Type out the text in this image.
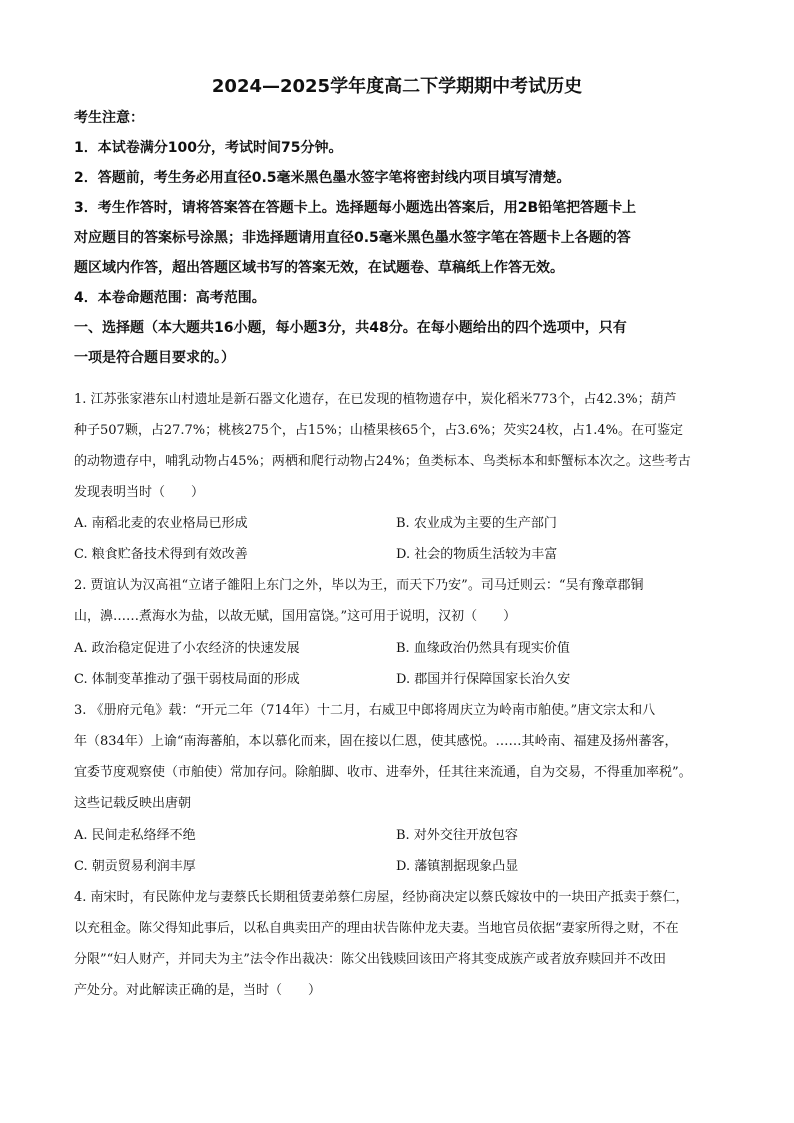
2024—2025学年度高二下学期期中考试历史

考生注意：

1．本试卷满分100分，考试时间75分钟。

2．答题前，考生务必用直径0.5毫米黑色墨水签字笔将密封线内项目填写清楚。

3．考生作答时，请将答案答在答题卡上。选择题每小题选出答案后，用2B铅笔把答题卡上

对应题目的答案标号涂黑；非选择题请用直径0.5毫米黑色墨水签字笔在答题卡上各题的答

题区域内作答，超出答题区域书写的答案无效，在试题卷、草稿纸上作答无效。

4．本卷命题范围：高考范围。

一、选择题（本大题共16小题，每小题3分，共48分。在每小题给出的四个选项中，只有

一项是符合题目要求的。）

1. 江苏张家港东山村遗址是新石器文化遗存，在已发现的植物遗存中，炭化稻米773个，占42.3%；葫芦

种子507颗，占27.7%；桃核275个，占15%；山楂果核65个，占3.6%；芡实24枚，占1.4%。在可鉴定

的动物遗存中，哺乳动物占45%；两栖和爬行动物占24%；鱼类标本、鸟类标本和虾蟹标本次之。这些考古

发现表明当时（　　）

A. 南稻北麦的农业格局已形成	B. 农业成为主要的生产部门
C. 粮食贮备技术得到有效改善	D. 社会的物质生活较为丰富

2. 贾谊认为汉高祖“立诸子雒阳上东门之外，毕以为王，而天下乃安”。司马迁则云：“吴有豫章郡铜

山，濞……煮海水为盐，以故无赋，国用富饶。”这可用于说明，汉初（　　）

A. 政治稳定促进了小农经济的快速发展	B. 血缘政治仍然具有现实价值
C. 体制变革推动了强干弱枝局面的形成	D. 郡国并行保障国家长治久安

3. 《册府元龟》载：“开元二年（714年）十二月，右威卫中郎将周庆立为岭南市舶使。”唐文宗太和八

年（834年）上谕“南海蕃舶，本以慕化而来，固在接以仁恩，使其感悦。……其岭南、福建及扬州蕃客，

宜委节度观察使（市舶使）常加存问。除舶脚、收市、进奉外，任其往来流通，自为交易，不得重加率税”。

这些记载反映出唐朝

A. 民间走私络绎不绝	B. 对外交往开放包容
C. 朝贡贸易利润丰厚	D. 藩镇割据现象凸显

4. 南宋时，有民陈仲龙与妻蔡氏长期租赁妻弟蔡仁房屋，经协商决定以蔡氏嫁妆中的一块田产抵卖于蔡仁，

以充租金。陈父得知此事后，以私自典卖田产的理由状告陈仲龙夫妻。当地官员依据“妻家所得之财，不在

分限”“妇人财产，并同夫为主”法令作出裁决：陈父出钱赎回该田产将其变成族产或者放弃赎回并不改田

产处分。对此解读正确的是，当时（　　）
